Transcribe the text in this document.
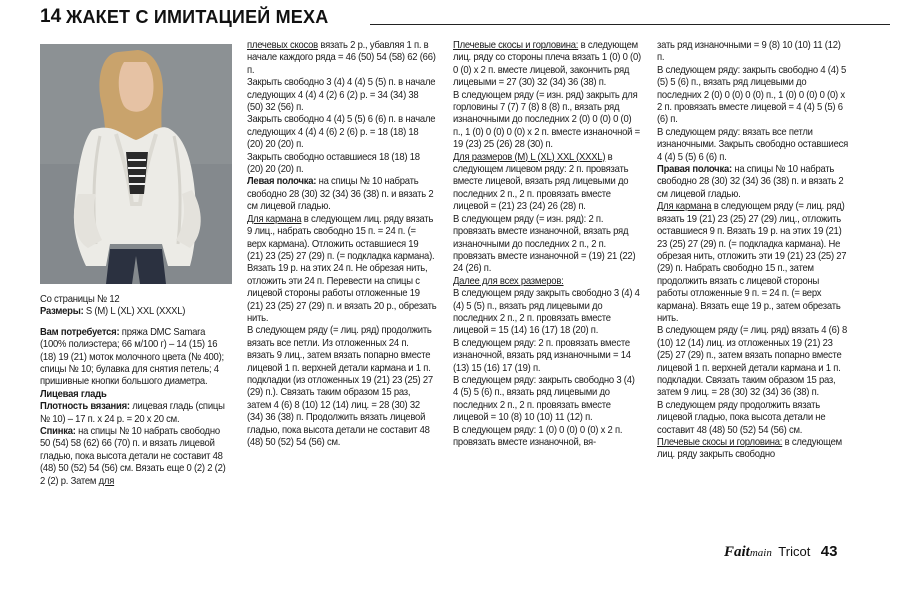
14 ЖАКЕТ С ИМИТАЦИЕЙ МЕХА

Со страницы № 12

Размеры: S (M) L (XL) XXL (XXXL)

Вам потребуется: пряжа DMC Samara (100% полиэстера; 66 м/100 г) – 14 (15) 16 (18) 19 (21) моток молочного цвета (№ 400); спицы № 10; булавка для снятия петель; 4 пришивные кнопки большого диаметра.

Лицевая гладь

Плотность вязания: лицевая гладь (спицы № 10) – 17 п. х 24 р. = 20 х 20 см.

Спинка: на спицы № 10 набрать свободно 50 (54) 58 (62) 66 (70) п. и вязать лицевой гладью, пока высота детали не составит 48 (48) 50 (52) 54 (56) см. Вязать еще 0 (2) 2 (2) 2 (2) р. Затем для

плечевых скосов вязать 2 р., убавляя 1 п. в начале каждого ряда = 46 (50) 54 (58) 62 (66) п.

Закрыть свободно 3 (4) 4 (4) 5 (5) п. в начале следующих 4 (4) 4 (2) 6 (2) р. = 34 (34) 38 (50) 32 (56) п.

Закрыть свободно 4 (4) 5 (5) 6 (6) п. в начале следующих 4 (4) 4 (6) 2 (6) р. = 18 (18) 18 (20) 20 (20) п.

Закрыть свободно оставшиеся 18 (18) 18 (20) 20 (20) п.

Левая полочка: на спицы № 10 набрать свободно 28 (30) 32 (34) 36 (38) п. и вязать 2 см лицевой гладью.

Для кармана в следующем лиц. ряду вязать 9 лиц., набрать свободно 15 п. = 24 п. (= верх кармана). Отложить оставшиеся 19 (21) 23 (25) 27 (29) п. (= подкладка кармана). Вязать 19 р. на этих 24 п. Не обрезая нить, отложить эти 24 п. Перевести на спицы с лицевой стороны работы отложенные 19 (21) 23 (25) 27 (29) п. и вязать 20 р., обрезать нить.

В следующем ряду (= лиц. ряд) продолжить вязать все петли. Из отложенных 24 п. вязать 9 лиц., затем вязать попарно вместе лицевой 1 п. верхней детали кармана и 1 п. подкладки (из отложенных 19 (21) 23 (25) 27 (29) п.). Связать таким образом 15 раз, затем 4 (6) 8 (10) 12 (14) лиц. = 28 (30) 32 (34) 36 (38) п. Продолжить вязать лицевой гладью, пока высота детали не составит 48 (48) 50 (52) 54 (56) см.

Плечевые скосы и горловина: в следующем лиц. ряду со стороны плеча вязать 1 (0) 0 (0) 0 (0) х 2 п. вместе лицевой, закончить ряд лицевыми = 27 (30) 32 (34) 36 (38) п.

В следующем ряду (= изн. ряд) закрыть для горловины 7 (7) 7 (8) 8 (8) п., вязать ряд изнаночными до последних 2 (0) 0 (0) 0 (0) п., 1 (0) 0 (0) 0 (0) х 2 п. вместе изнаночной = 19 (23) 25 (26) 28 (30) п.

Для размеров (M) L (XL) XXL (XXXL) в следующем лицевом ряду: 2 п. провязать вместе лицевой, вязать ряд лицевыми до последних 2 п., 2 п. провязать вместе лицевой = (21) 23 (24) 26 (28) п.

В следующем ряду (= изн. ряд): 2 п. провязать вместе изнаночной, вязать ряд изнаночными до последних 2 п., 2 п. провязать вместе изнаночной = (19) 21 (22) 24 (26) п.

Далее для всех размеров:

В следующем ряду закрыть свободно 3 (4) 4 (4) 5 (5) п., вязать ряд лицевыми до последних 2 п., 2 п. провязать вместе лицевой = 15 (14) 16 (17) 18 (20) п.

В следующем ряду: 2 п. провязать вместе изнаночной, вязать ряд изнаночными = 14 (13) 15 (16) 17 (19) п.

В следующем ряду: закрыть свободно 3 (4) 4 (5) 5 (6) п., вязать ряд лицевыми до последних 2 п., 2 п. провязать вместе лицевой = 10 (8) 10 (10) 11 (12) п.

В следующем ряду: 1 (0) 0 (0) 0 (0) х 2 п. провязать вместе изнаночной, вя-

зать ряд изнаночными = 9 (8) 10 (10) 11 (12) п.

В следующем ряду: закрыть свободно 4 (4) 5 (5) 5 (6) п., вязать ряд лицевыми до последних 2 (0) 0 (0) 0 (0) п., 1 (0) 0 (0) 0 (0) х 2 п. провязать вместе лицевой = 4 (4) 5 (5) 6 (6) п.

В следующем ряду: вязать все петли изнаночными. Закрыть свободно оставшиеся 4 (4) 5 (5) 6 (6) п.

Правая полочка: на спицы № 10 набрать свободно 28 (30) 32 (34) 36 (38) п. и вязать 2 см лицевой гладью.

Для кармана в следующем ряду (= лиц. ряд) вязать 19 (21) 23 (25) 27 (29) лиц., отложить оставшиеся 9 п. Вязать 19 р. на этих 19 (21) 23 (25) 27 (29) п. (= подкладка кармана). Не обрезая нить, отложить эти 19 (21) 23 (25) 27 (29) п. Набрать свободно 15 п., затем продолжить вязать с лицевой стороны работы отложенные 9 п. = 24 п. (= верх кармана). Вязать еще 19 р., затем обрезать нить.

В следующем ряду (= лиц. ряд) вязать 4 (6) 8 (10) 12 (14) лиц. из отложенных 19 (21) 23 (25) 27 (29) п., затем вязать попарно вместе лицевой 1 п. верхней детали кармана и 1 п. подкладки. Связать таким образом 15 раз, затем 9 лиц. = 28 (30) 32 (34) 36 (38) п.

В следующем ряду продолжить вязать лицевой гладью, пока высота детали не составит 48 (48) 50 (52) 54 (56) см.

Плечевые скосы и горловина: в следующем лиц. ряду закрыть свободно

Faitmain Tricot 43
